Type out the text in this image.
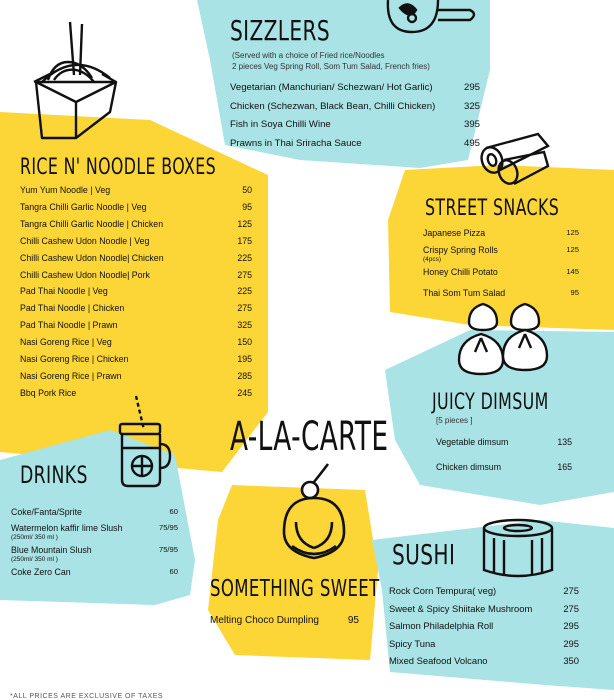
SIZZLERS
(Served with a choice of Fried rice/Noodles
2 pieces Veg Spring Roll, Som Tum Salad, French fries)
Vegetarian (Manchurian/ Schezwan/ Hot Garlic)	295
Chicken (Schezwan, Black Bean, Chilli Chicken)	325
Fish in Soya Chilli Wine	395
Prawns in Thai Sriracha Sauce	495
RICE N' NOODLE BOXES
Yum Yum Noodle | Veg	50
Tangra Chilli Garlic Noodle | Veg	95
Tangra Chilli Garlic Noodle | Chicken	125
Chilli Cashew Udon Noodle | Veg	175
Chilli Cashew Udon Noodle| Chicken	225
Chilli Cashew Udon Noodle| Pork	275
Pad Thai Noodle | Veg	225
Pad Thai Noodle | Chicken	275
Pad Thai Noodle | Prawn	325
Nasi Goreng Rice | Veg	150
Nasi Goreng Rice | Chicken	195
Nasi Goreng Rice | Prawn	285
Bbq Pork Rice	245
STREET SNACKS
Japanese Pizza	125
Crispy Spring Rolls	125
(4pcs)
Honey Chilli Potato	145
Thai Som Tum Salad	95
JUICY DIMSUM
[5 pieces ]
Vegetable dimsum	135
Chicken dimsum	165
A-LA-CARTE
DRINKS
Coke/Fanta/Sprite	60
Watermelon kaffir lime Slush	75/95
(250ml/ 350 ml )
Blue Mountain Slush	75/95
(250ml/ 350 ml )
Coke Zero Can	60
SOMETHING SWEET
Melting Choco Dumpling	95
SUSHI
Rock Corn Tempura( veg)	275
Sweet & Spicy Shiitake Mushroom	275
Salmon Philadelphia Roll	295
Spicy Tuna	295
Mixed Seafood Volcano	350
*ALL PRICES ARE EXCLUSIVE OF TAXES
